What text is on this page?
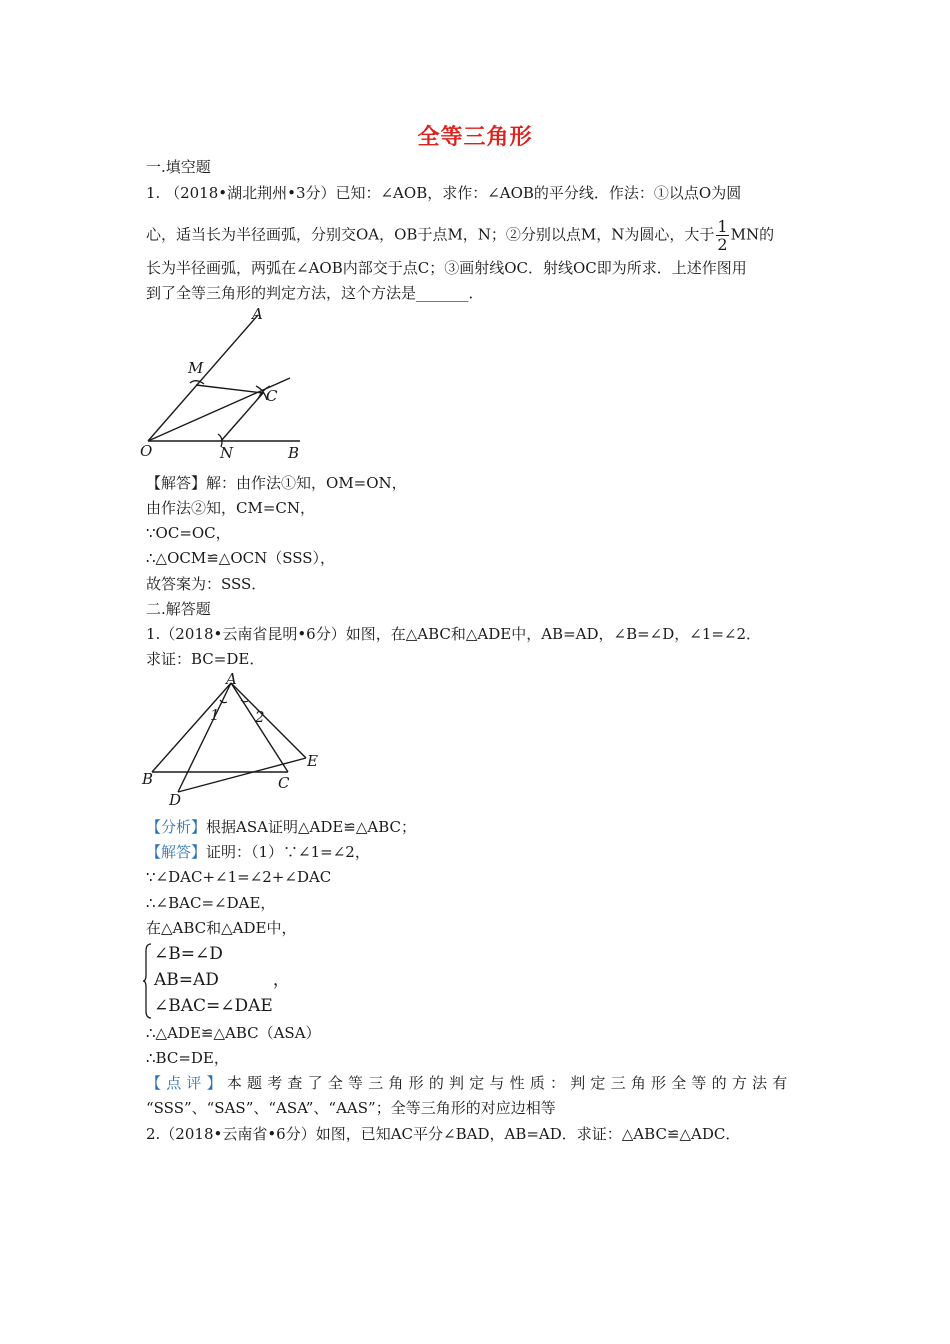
全等三角形
一.填空题
1. （2018•湖北荆州•3分）已知：∠AOB，求作：∠AOB的平分线．作法：①以点O为圆
心，适当长为半径画弧，分别交OA，OB于点M，N；②分别以点M，N为圆心，大于 $\frac{1}{2}$ MN的
长为半径画弧，两弧在∠AOB内部交于点C；③画射线OC．射线OC即为所求．上述作图用
到了全等三角形的判定方法，这个方法是_______．
A
M
C
O	N	B
【解答】解：由作法①知，OM=ON，
由作法②知，CM=CN，
∵OC=OC，
∴△OCM≌△OCN（SSS），
故答案为：SSS．
二.解答题
1.（2018•云南省昆明•6分）如图，在△ABC和△ADE中，AB=AD，∠B=∠D，∠1=∠2．
求证：BC=DE．
A
1 2
B	C
E
D
【分析】根据ASA证明△ADE≌△ABC；
【解答】证明：（1）∵∠1=∠2，
∵∠DAC+∠1=∠2+∠DAC
∴∠BAC=∠DAE，
在△ABC和△ADE中，
∠B=∠D
AB=AD	，
∠BAC=∠DAE
∴△ADE≌△ABC（ASA）
∴BC=DE，
【点评】本题考查了全等三角形的判定与性质：判定三角形全等的方法有
“SSS”、“SAS”、“ASA”、“AAS”；全等三角形的对应边相等
2.（2018•云南省•6分）如图，已知AC平分∠BAD，AB=AD．求证：△ABC≌△ADC．
